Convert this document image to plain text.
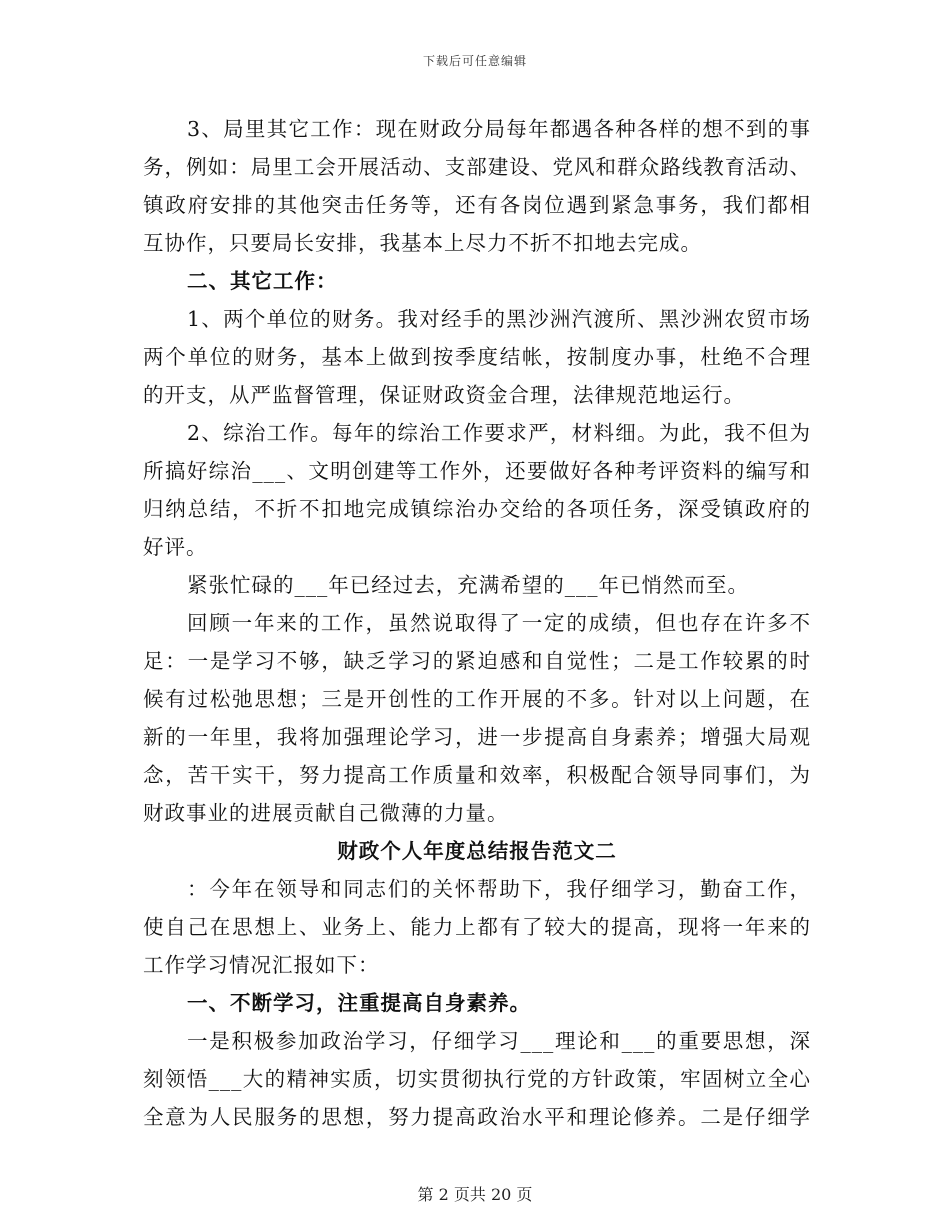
下载后可任意编辑
3、局里其它工作：现在财政分局每年都遇各种各样的想不到的事
务，例如：局里工会开展活动、支部建设、党风和群众路线教育活动、
镇政府安排的其他突击任务等，还有各岗位遇到紧急事务，我们都相
互协作，只要局长安排，我基本上尽力不折不扣地去完成。
二、其它工作：
1、两个单位的财务。我对经手的黑沙洲汽渡所、黑沙洲农贸市场
两个单位的财务，基本上做到按季度结帐，按制度办事，杜绝不合理
的开支，从严监督管理，保证财政资金合理，法律规范地运行。
2、综治工作。每年的综治工作要求严，材料细。为此，我不但为
所搞好综治___、文明创建等工作外，还要做好各种考评资料的编写和
归纳总结，不折不扣地完成镇综治办交给的各项任务，深受镇政府的
好评。
紧张忙碌的___年已经过去，充满希望的___年已悄然而至。
回顾一年来的工作，虽然说取得了一定的成绩，但也存在许多不
足：一是学习不够，缺乏学习的紧迫感和自觉性；二是工作较累的时
候有过松弛思想；三是开创性的工作开展的不多。针对以上问题，在
新的一年里，我将加强理论学习，进一步提高自身素养；增强大局观
念，苦干实干，努力提高工作质量和效率，积极配合领导同事们，为
财政事业的进展贡献自己微薄的力量。
财政个人年度总结报告范文二
：今年在领导和同志们的关怀帮助下，我仔细学习，勤奋工作，
使自己在思想上、业务上、能力上都有了较大的提高，现将一年来的
工作学习情况汇报如下：
一、不断学习，注重提高自身素养。
一是积极参加政治学习，仔细学习___理论和___的重要思想，深
刻领悟___大的精神实质，切实贯彻执行党的方针政策，牢固树立全心
全意为人民服务的思想，努力提高政治水平和理论修养。二是仔细学
第 2 页共 20 页
